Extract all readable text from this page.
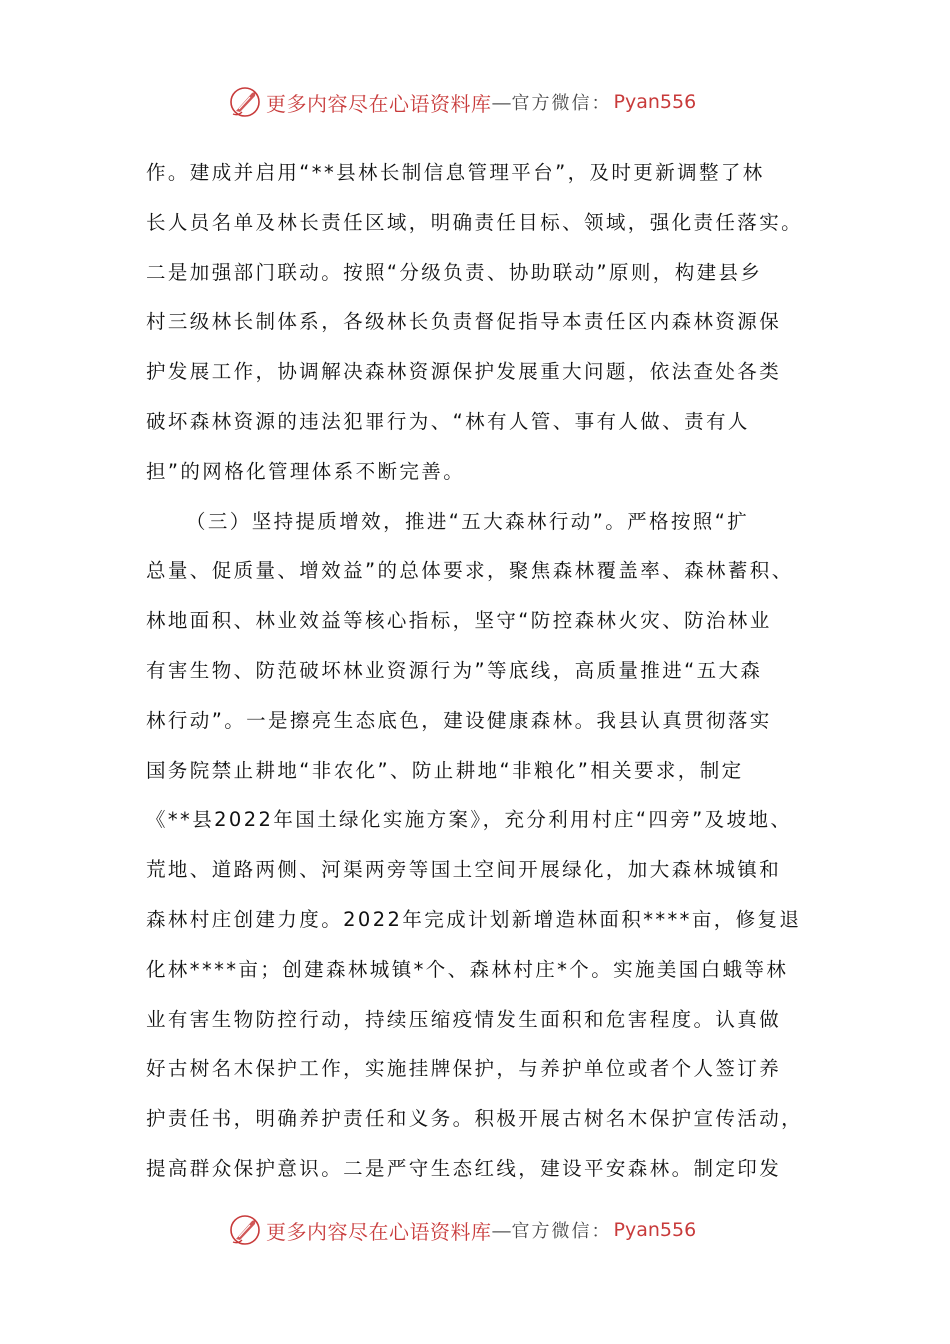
更多内容尽在心语资料库 — 官方微信： Pyan556
作。建成并启用“**县林长制信息管理平台”，及时更新调整了林
长人员名单及林长责任区域，明确责任目标、领域，强化责任落实。
二是加强部门联动。按照“分级负责、协助联动”原则，构建县乡
村三级林长制体系，各级林长负责督促指导本责任区内森林资源保
护发展工作，协调解决森林资源保护发展重大问题，依法查处各类
破坏森林资源的违法犯罪行为、“林有人管、事有人做、责有人
担”的网格化管理体系不断完善。
（三）坚持提质增效，推进“五大森林行动”。严格按照“扩
总量、促质量、增效益”的总体要求，聚焦森林覆盖率、森林蓄积、
林地面积、林业效益等核心指标，坚守“防控森林火灾、防治林业
有害生物、防范破坏林业资源行为”等底线，高质量推进“五大森
林行动”。一是擦亮生态底色，建设健康森林。我县认真贯彻落实
国务院禁止耕地“非农化”、防止耕地“非粮化”相关要求，制定
《**县2022年国土绿化实施方案》，充分利用村庄“四旁”及坡地、
荒地、道路两侧、河渠两旁等国土空间开展绿化，加大森林城镇和
森林村庄创建力度。2022年完成计划新增造林面积****亩，修复退
化林****亩；创建森林城镇*个、森林村庄*个。实施美国白蛾等林
业有害生物防控行动，持续压缩疫情发生面积和危害程度。认真做
好古树名木保护工作，实施挂牌保护，与养护单位或者个人签订养
护责任书，明确养护责任和义务。积极开展古树名木保护宣传活动，
提高群众保护意识。二是严守生态红线，建设平安森林。制定印发
更多内容尽在心语资料库 — 官方微信： Pyan556
